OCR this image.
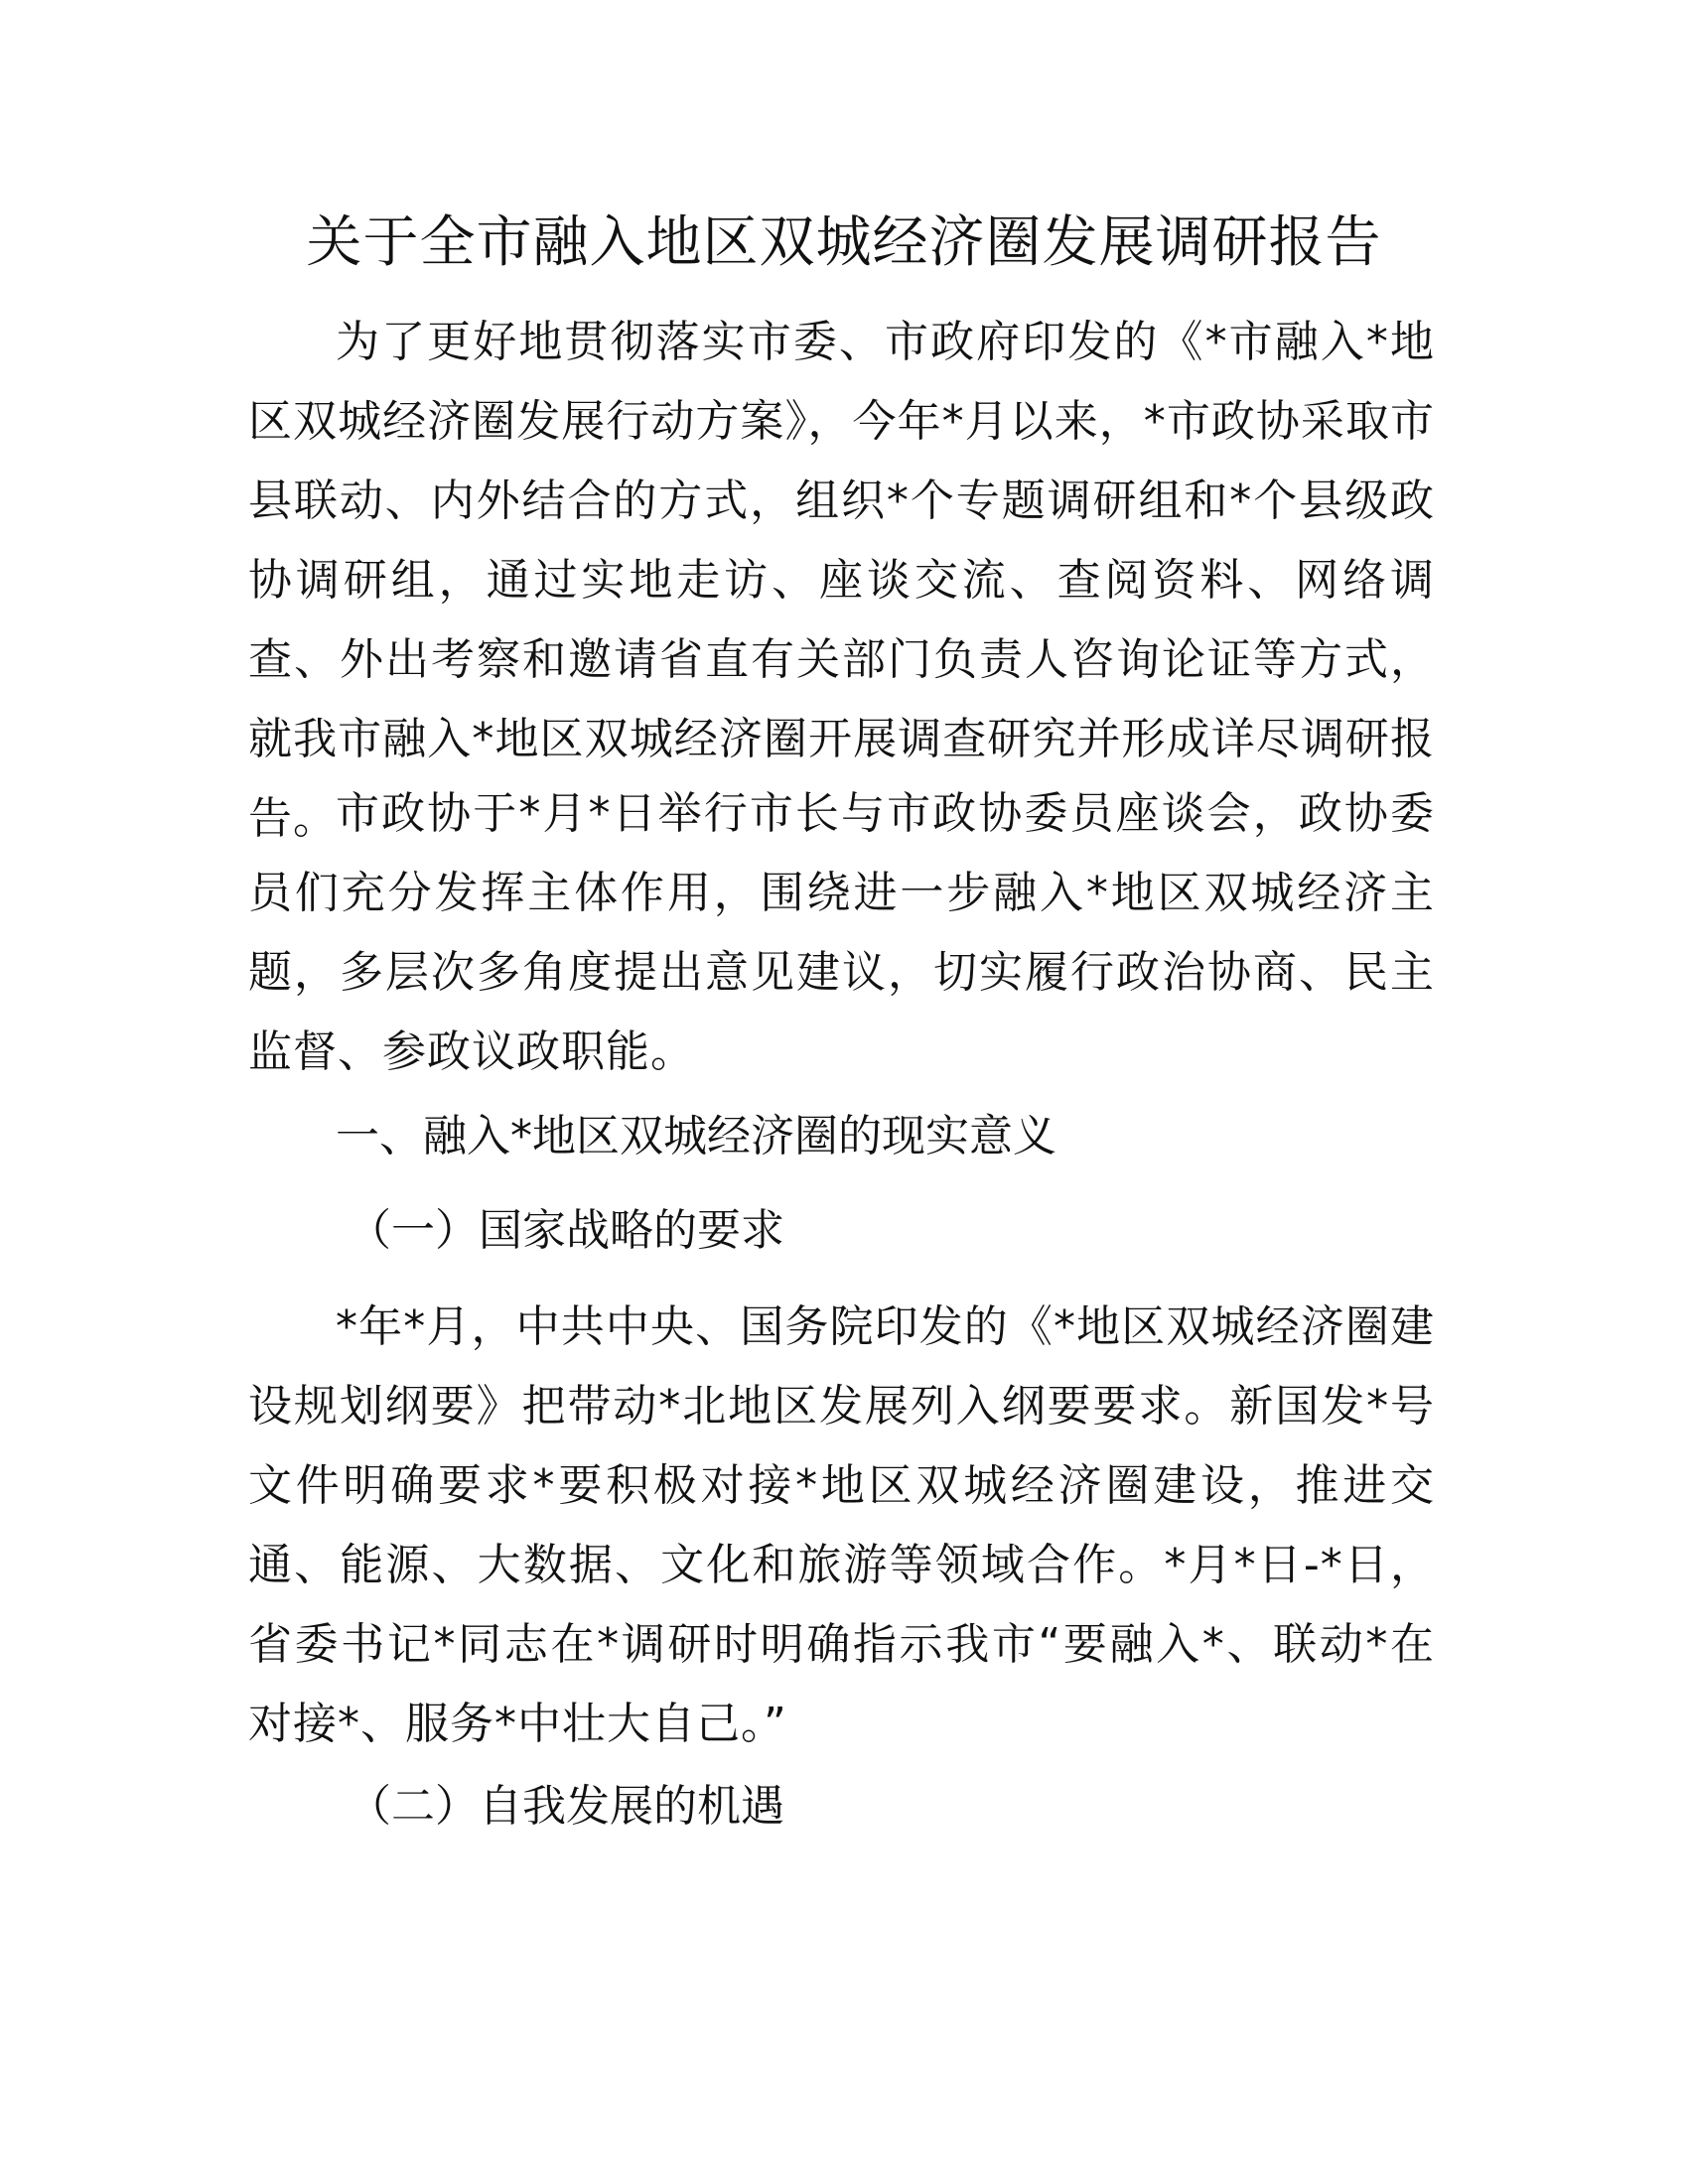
关于全市融入地区双城经济圈发展调研报告

为了更好地贯彻落实市委、市政府印发的《*市融入*地区双城经济圈发展行动方案》，今年*月以来，*市政协采取市县联动、内外结合的方式，组织*个专题调研组和*个县级政协调研组，通过实地走访、座谈交流、查阅资料、网络调查、外出考察和邀请省直有关部门负责人咨询论证等方式，就我市融入*地区双城经济圈开展调查研究并形成详尽调研报告。

市政协于*月*日举行市长与市政协委员座谈会，政协委员们充分发挥主体作用，围绕进一步融入*地区双城经济主题，多层次多角度提出意见建议，切实履行政治协商、民主监督、参政议政职能。

一、融入*地区双城经济圈的现实意义

（一）国家战略的要求

*年*月，中共中央、国务院印发的《*地区双城经济圈建设规划纲要》把带动*北地区发展列入纲要要求。新国发*号文件明确要求*要积极对接*地区双城经济圈建设，推进交通、能源、大数据、文化和旅游等领域合作。*月*日-*日，省委书记*同志在*调研时明确指示我市“要融入*、联动*在对接*、服务*中壮大自己。”

（二）自我发展的机遇
